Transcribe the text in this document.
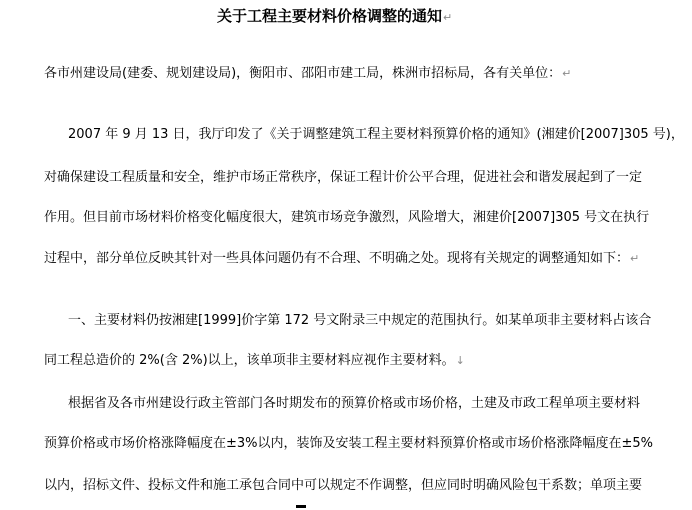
关于工程主要材料价格调整的通知↵
各市州建设局(建委、规划建设局)，衡阳市、邵阳市建工局，株洲市招标局，各有关单位：↵
2007 年 9 月 13 日，我厅印发了《关于调整建筑工程主要材料预算价格的通知》(湘建价[2007]305 号)，
对确保建设工程质量和安全，维护市场正常秩序，保证工程计价公平合理，促进社会和谐发展起到了一定
作用。但目前市场材料价格变化幅度很大，建筑市场竞争激烈，风险增大，湘建价[2007]305 号文在执行
过程中，部分单位反映其针对一些具体问题仍有不合理、不明确之处。现将有关规定的调整通知如下：↵
一、主要材料仍按湘建[1999]价字第 172 号文附录三中规定的范围执行。如某单项非主要材料占该合
同工程总造价的 2%(含 2%)以上，该单项非主要材料应视作主要材料。↓
根据省及各市州建设行政主管部门各时期发布的预算价格或市场价格，土建及市政工程单项主要材料
预算价格或市场价格涨降幅度在±3%以内，装饰及安装工程主要材料预算价格或市场价格涨降幅度在±5%
以内，招标文件、投标文件和施工承包合同中可以规定不作调整，但应同时明确风险包干系数；单项主要
